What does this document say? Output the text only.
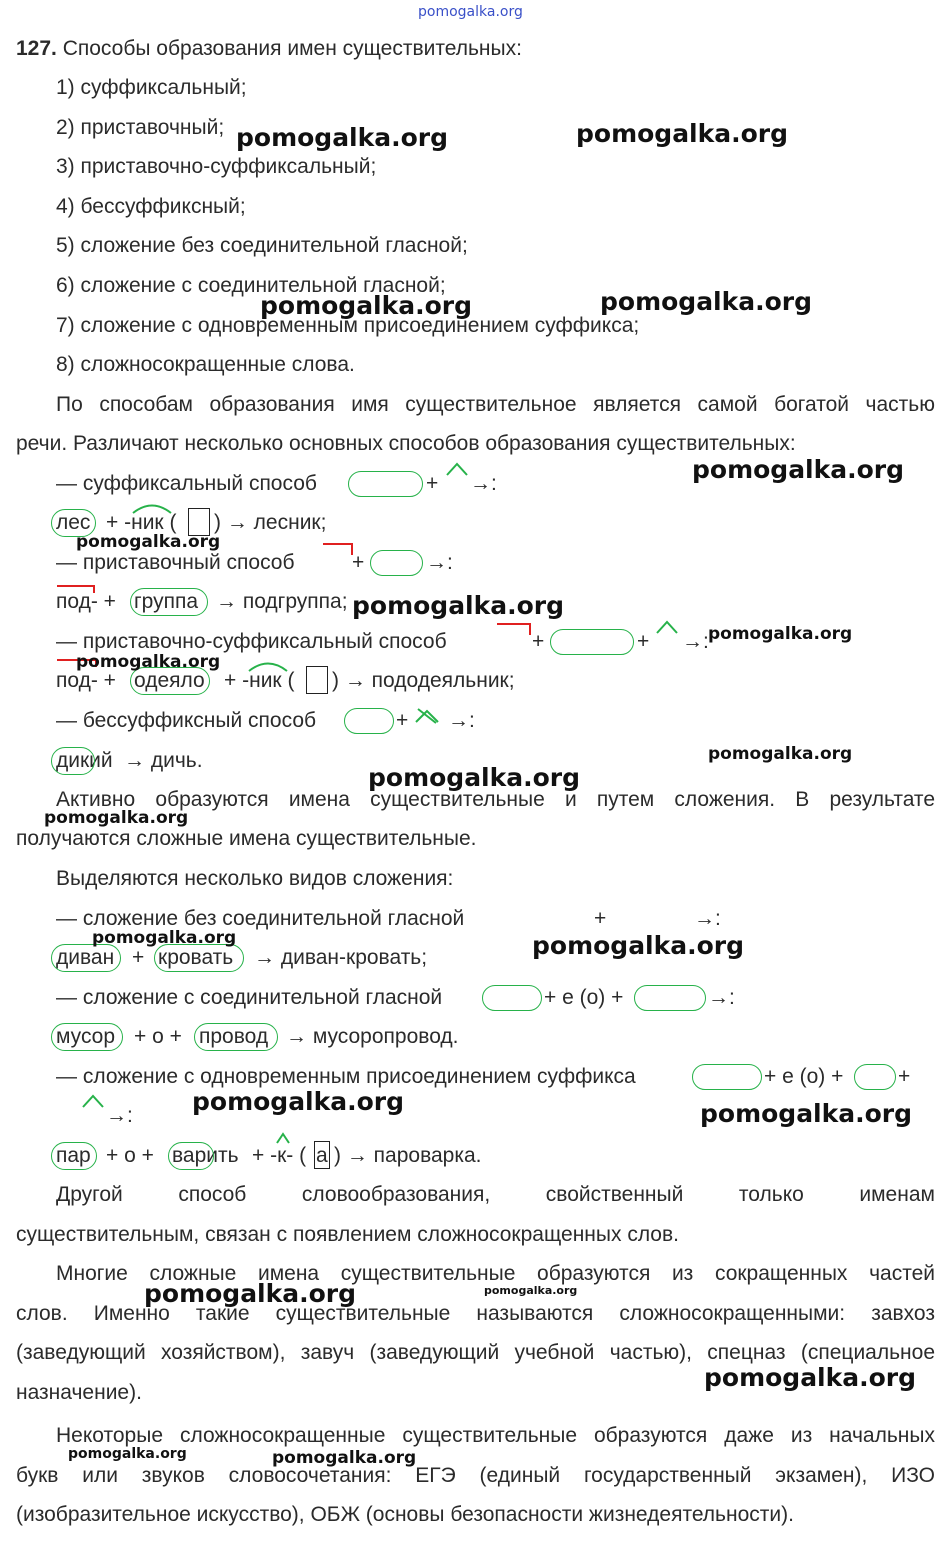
pomogalka.org
127. Способы образования имен существительных:
1) суффиксальный;
2) приставочный;
3) приставочно-суффиксальный;
4) бессуффиксный;
5) сложение без соединительной гласной;
6) сложение с соединительной гласной;
7) сложение с одновременным присоединением суффикса;
8) сложносокращенные слова.
По способам образования имя существительное является самой богатой частью
речи. Различают несколько основных способов образования существительных:
— суффиксальный способ	+ →:
лес + -ник ( ) → лесник;
— приставочный способ	+	→:
под- + группа → подгруппа;
— приставочно-суффиксальный способ	+	+ →:
под- + одеяло + -ник ( ) → пододеяльник;
— бессуффиксный способ	+ →:
дикий → дичь.
Активно образуются имена существительные и путем сложения. В результате
получаются сложные имена существительные.
Выделяются несколько видов сложения:
— сложение без соединительной гласной	+	→:
диван + кровать → диван-кровать;
— сложение с соединительной гласной	+ е (о) +	→:
мусор + о + провод → мусоропровод.
— сложение с одновременным присоединением суффикса	+ е (о) +	+
→:
пар + о + варить + -к- ( а ) → пароварка.
Другой	способ	словообразования,	свойственный	только	именам
существительным, связан с появлением сложносокращенных слов.
Многие сложные имена существительные образуются из сокращенных частей
слов. Именно такие существительные называются сложносокращенными: завхоз
(заведующий хозяйством), завуч (заведующий учебной частью), спецназ (специальное
назначение).
Некоторые сложносокращенные существительные образуются даже из начальных
букв или звуков словосочетания: ЕГЭ (единый государственный экзамен), ИЗО
(изобразительное искусство), ОБЖ (основы безопасности жизнедеятельности).
pomogalka.org	pomogalka.org
pomogalka.org	pomogalka.org
pomogalka.org
pomogalka.org
pomogalka.org
pomogalka.org
pomogalka.org
pomogalka.org
pomogalka.org
pomogalka.org
pomogalka.org	pomogalka.org
pomogalka.org	pomogalka.org
pomogalka.org	pomogalka.org
pomogalka.org
pomogalka.org	pomogalka.org
